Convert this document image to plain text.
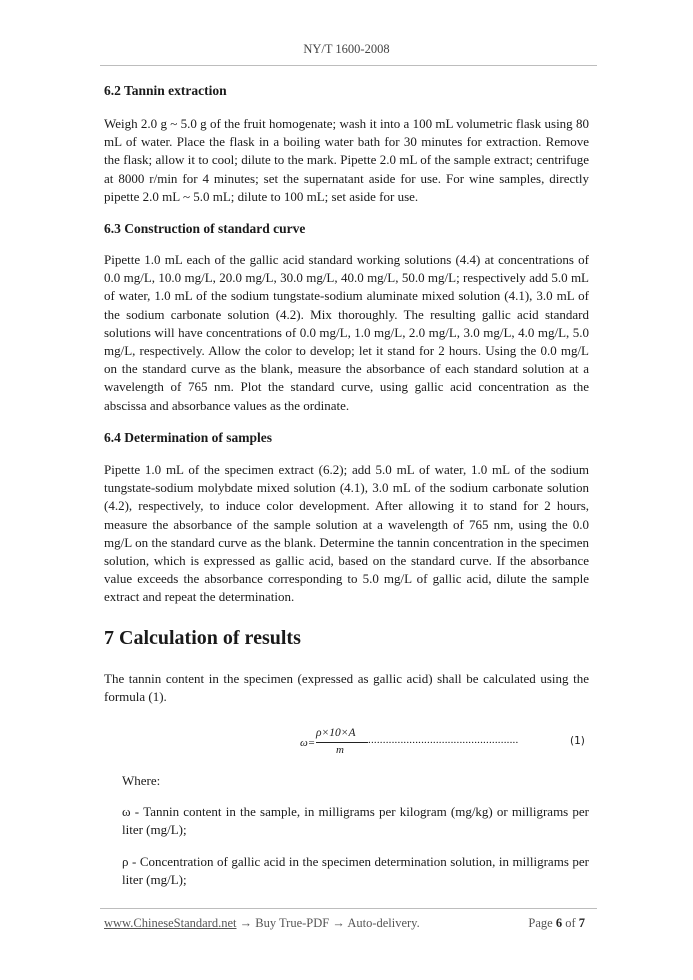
NY/T 1600-2008

6.2 Tannin extraction

Weigh 2.0 g ~ 5.0 g of the fruit homogenate; wash it into a 100 mL volumetric flask using 80 mL of water. Place the flask in a boiling water bath for 30 minutes for extraction. Remove the flask; allow it to cool; dilute to the mark. Pipette 2.0 mL of the sample extract; centrifuge at 8000 r/min for 4 minutes; set the supernatant aside for use. For wine samples, directly pipette 2.0 mL ~ 5.0 mL; dilute to 100 mL; set aside for use.

6.3 Construction of standard curve

Pipette 1.0 mL each of the gallic acid standard working solutions (4.4) at concentrations of 0.0 mg/L, 10.0 mg/L, 20.0 mg/L, 30.0 mg/L, 40.0 mg/L, 50.0 mg/L; respectively add 5.0 mL of water, 1.0 mL of the sodium tungstate-sodium aluminate mixed solution (4.1), 3.0 mL of the sodium carbonate solution (4.2). Mix thoroughly. The resulting gallic acid standard solutions will have concentrations of 0.0 mg/L, 1.0 mg/L, 2.0 mg/L, 3.0 mg/L, 4.0 mg/L, 5.0 mg/L, respectively. Allow the color to develop; let it stand for 2 hours. Using the 0.0 mg/L on the standard curve as the blank, measure the absorbance of each standard solution at a wavelength of 765 nm. Plot the standard curve, using gallic acid concentration as the abscissa and absorbance values as the ordinate.

6.4 Determination of samples

Pipette 1.0 mL of the specimen extract (6.2); add 5.0 mL of water, 1.0 mL of the sodium tungstate-sodium molybdate mixed solution (4.1), 3.0 mL of the sodium carbonate solution (4.2), respectively, to induce color development. After allowing it to stand for 2 hours, measure the absorbance of the sample solution at a wavelength of 765 nm, using the 0.0 mg/L on the standard curve as the blank. Determine the tannin concentration in the specimen solution, which is expressed as gallic acid, based on the standard curve. If the absorbance value exceeds the absorbance corresponding to 5.0 mg/L of gallic acid, dilute the sample extract and repeat the determination.

7 Calculation of results

The tannin content in the specimen (expressed as gallic acid) shall be calculated using the formula (1).

ω=
ρ×10×A
m
...................................................	(1)

Where:

ω - Tannin content in the sample, in milligrams per kilogram (mg/kg) or milligrams per liter (mg/L);

ρ - Concentration of gallic acid in the specimen determination solution, in milligrams per liter (mg/L);

www.ChineseStandard.net → Buy True-PDF → Auto-delivery.	Page 6 of 7
